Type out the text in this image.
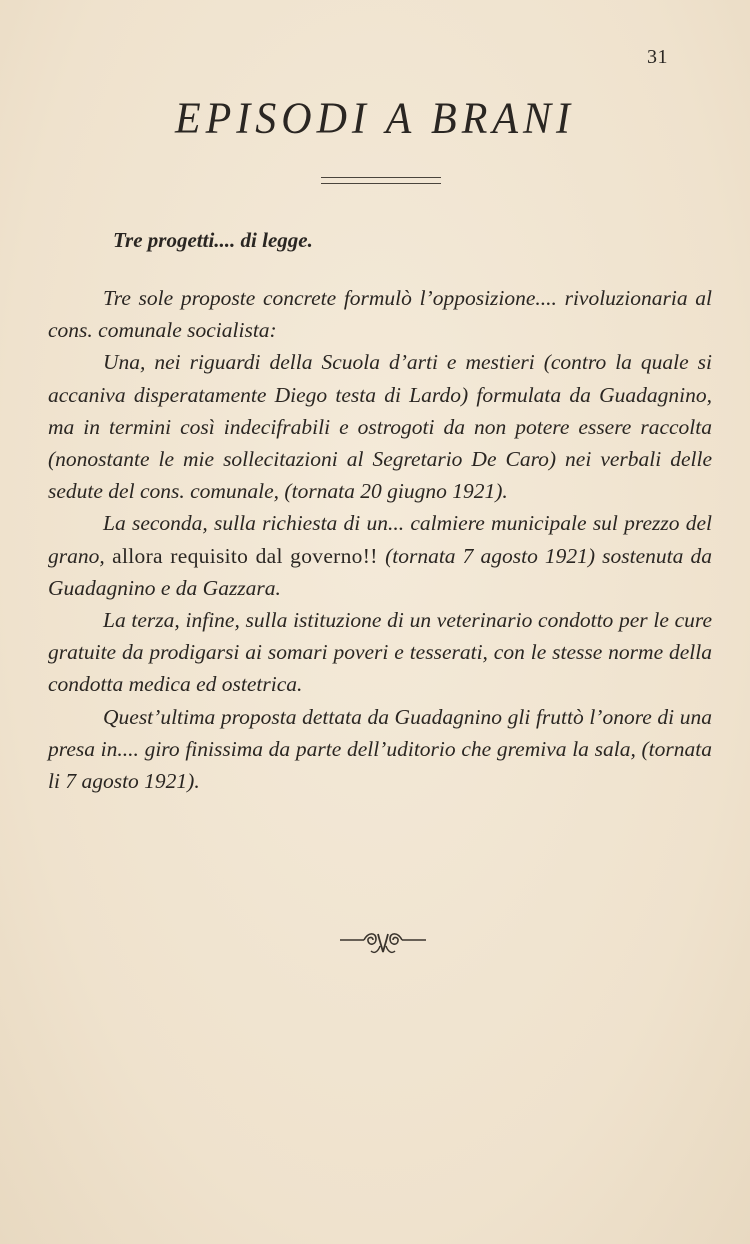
31
EPISODI A BRANI
Tre progetti.... di legge.

Tre sole proposte concrete formulò l’opposizione.... rivoluzionaria al cons. comunale socialista:

Una, nei riguardi della Scuola d’arti e mestieri (contro la quale si accaniva disperatamente Diego testa di Lardo) formulata da Guadagnino, ma in termini così indecifrabili e ostrogoti da non potere essere raccolta (nonostante le mie sollecitazioni al Segretario De Caro) nei verbali delle sedute del cons. comunale, (tornata 20 giugno 1921).

La seconda, sulla richiesta di un... calmiere municipale sul prezzo del grano, allora requisito dal governo!! (tornata 7 agosto 1921) sostenuta da Guadagnino e da Gazzara.

La terza, infine, sulla istituzione di un veterinario condotto per le cure gratuite da prodigarsi ai somari poveri e tesserati, con le stesse norme della condotta medica ed ostetrica.

Quest’ultima proposta dettata da Guadagnino gli fruttò l’onore di una presa in.... giro finissima da parte dell’uditorio che gremiva la sala, (tornata li 7 agosto 1921).
